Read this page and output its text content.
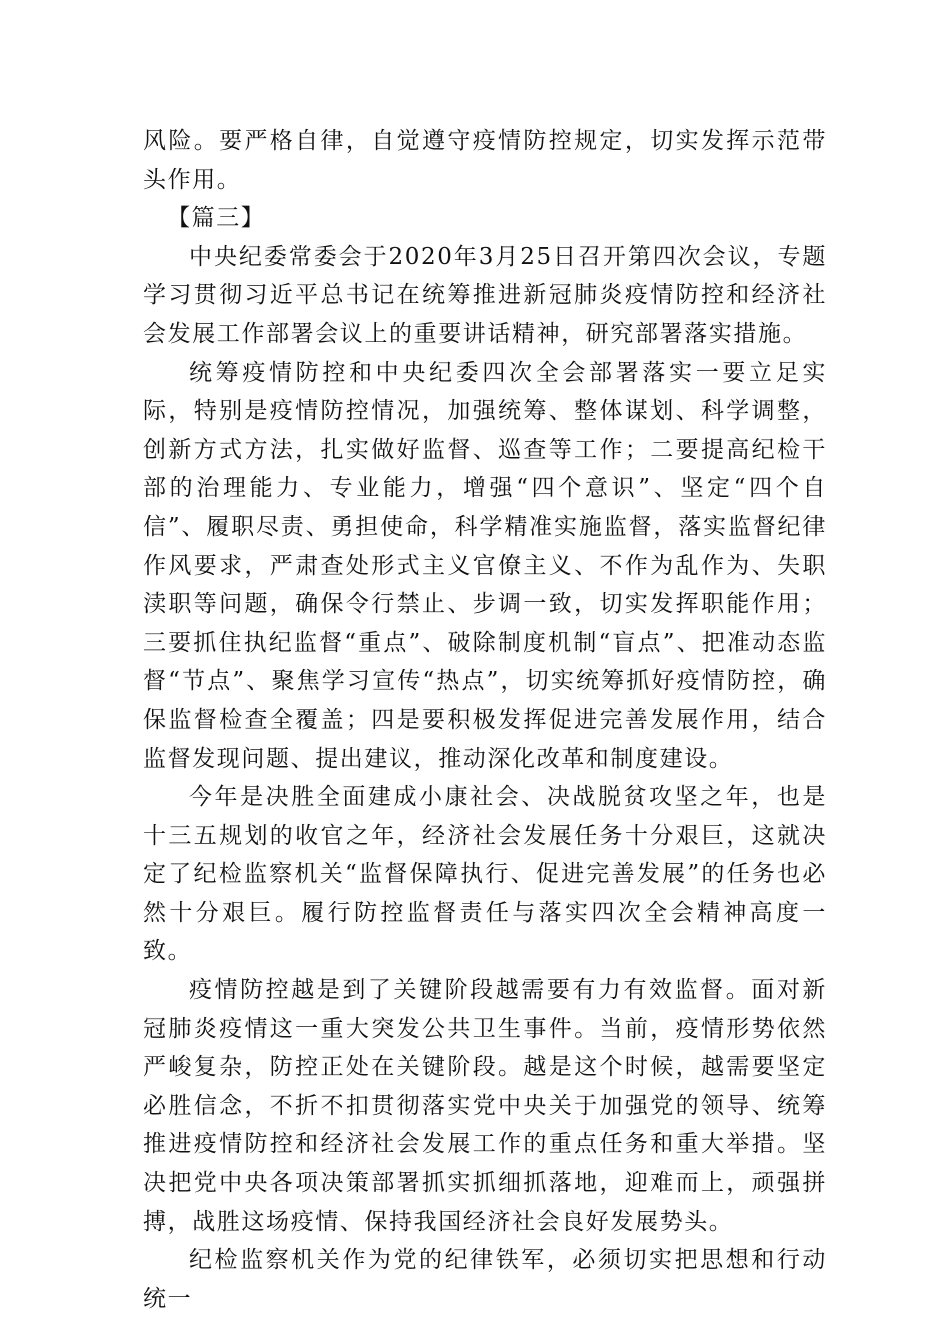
风险。要严格自律，自觉遵守疫情防控规定，切实发挥示范带头作用。

【篇三】

中央纪委常委会于2020年3月25日召开第四次会议，专题学习贯彻习近平总书记在统筹推进新冠肺炎疫情防控和经济社会发展工作部署会议上的重要讲话精神，研究部署落实措施。

统筹疫情防控和中央纪委四次全会部署落实一要立足实际，特别是疫情防控情况，加强统筹、整体谋划、科学调整，创新方式方法，扎实做好监督、巡查等工作；二要提高纪检干部的治理能力、专业能力，增强“四个意识”、坚定“四个自信”、履职尽责、勇担使命，科学精准实施监督，落实监督纪律作风要求，严肃查处形式主义官僚主义、不作为乱作为、失职渎职等问题，确保令行禁止、步调一致，切实发挥职能作用；三要抓住执纪监督“重点”、破除制度机制“盲点”、把准动态监督“节点”、聚焦学习宣传“热点”，切实统筹抓好疫情防控，确保监督检查全覆盖；四是要积极发挥促进完善发展作用，结合监督发现问题、提出建议，推动深化改革和制度建设。

今年是决胜全面建成小康社会、决战脱贫攻坚之年，也是十三五规划的收官之年，经济社会发展任务十分艰巨，这就决定了纪检监察机关“监督保障执行、促进完善发展”的任务也必然十分艰巨。履行防控监督责任与落实四次全会精神高度一致。

疫情防控越是到了关键阶段越需要有力有效监督。面对新冠肺炎疫情这一重大突发公共卫生事件。当前，疫情形势依然严峻复杂，防控正处在关键阶段。越是这个时候，越需要坚定必胜信念，不折不扣贯彻落实党中央关于加强党的领导、统筹推进疫情防控和经济社会发展工作的重点任务和重大举措。坚决把党中央各项决策部署抓实抓细抓落地，迎难而上，顽强拼搏，战胜这场疫情、保持我国经济社会良好发展势头。

纪检监察机关作为党的纪律铁军，必须切实把思想和行动统一
